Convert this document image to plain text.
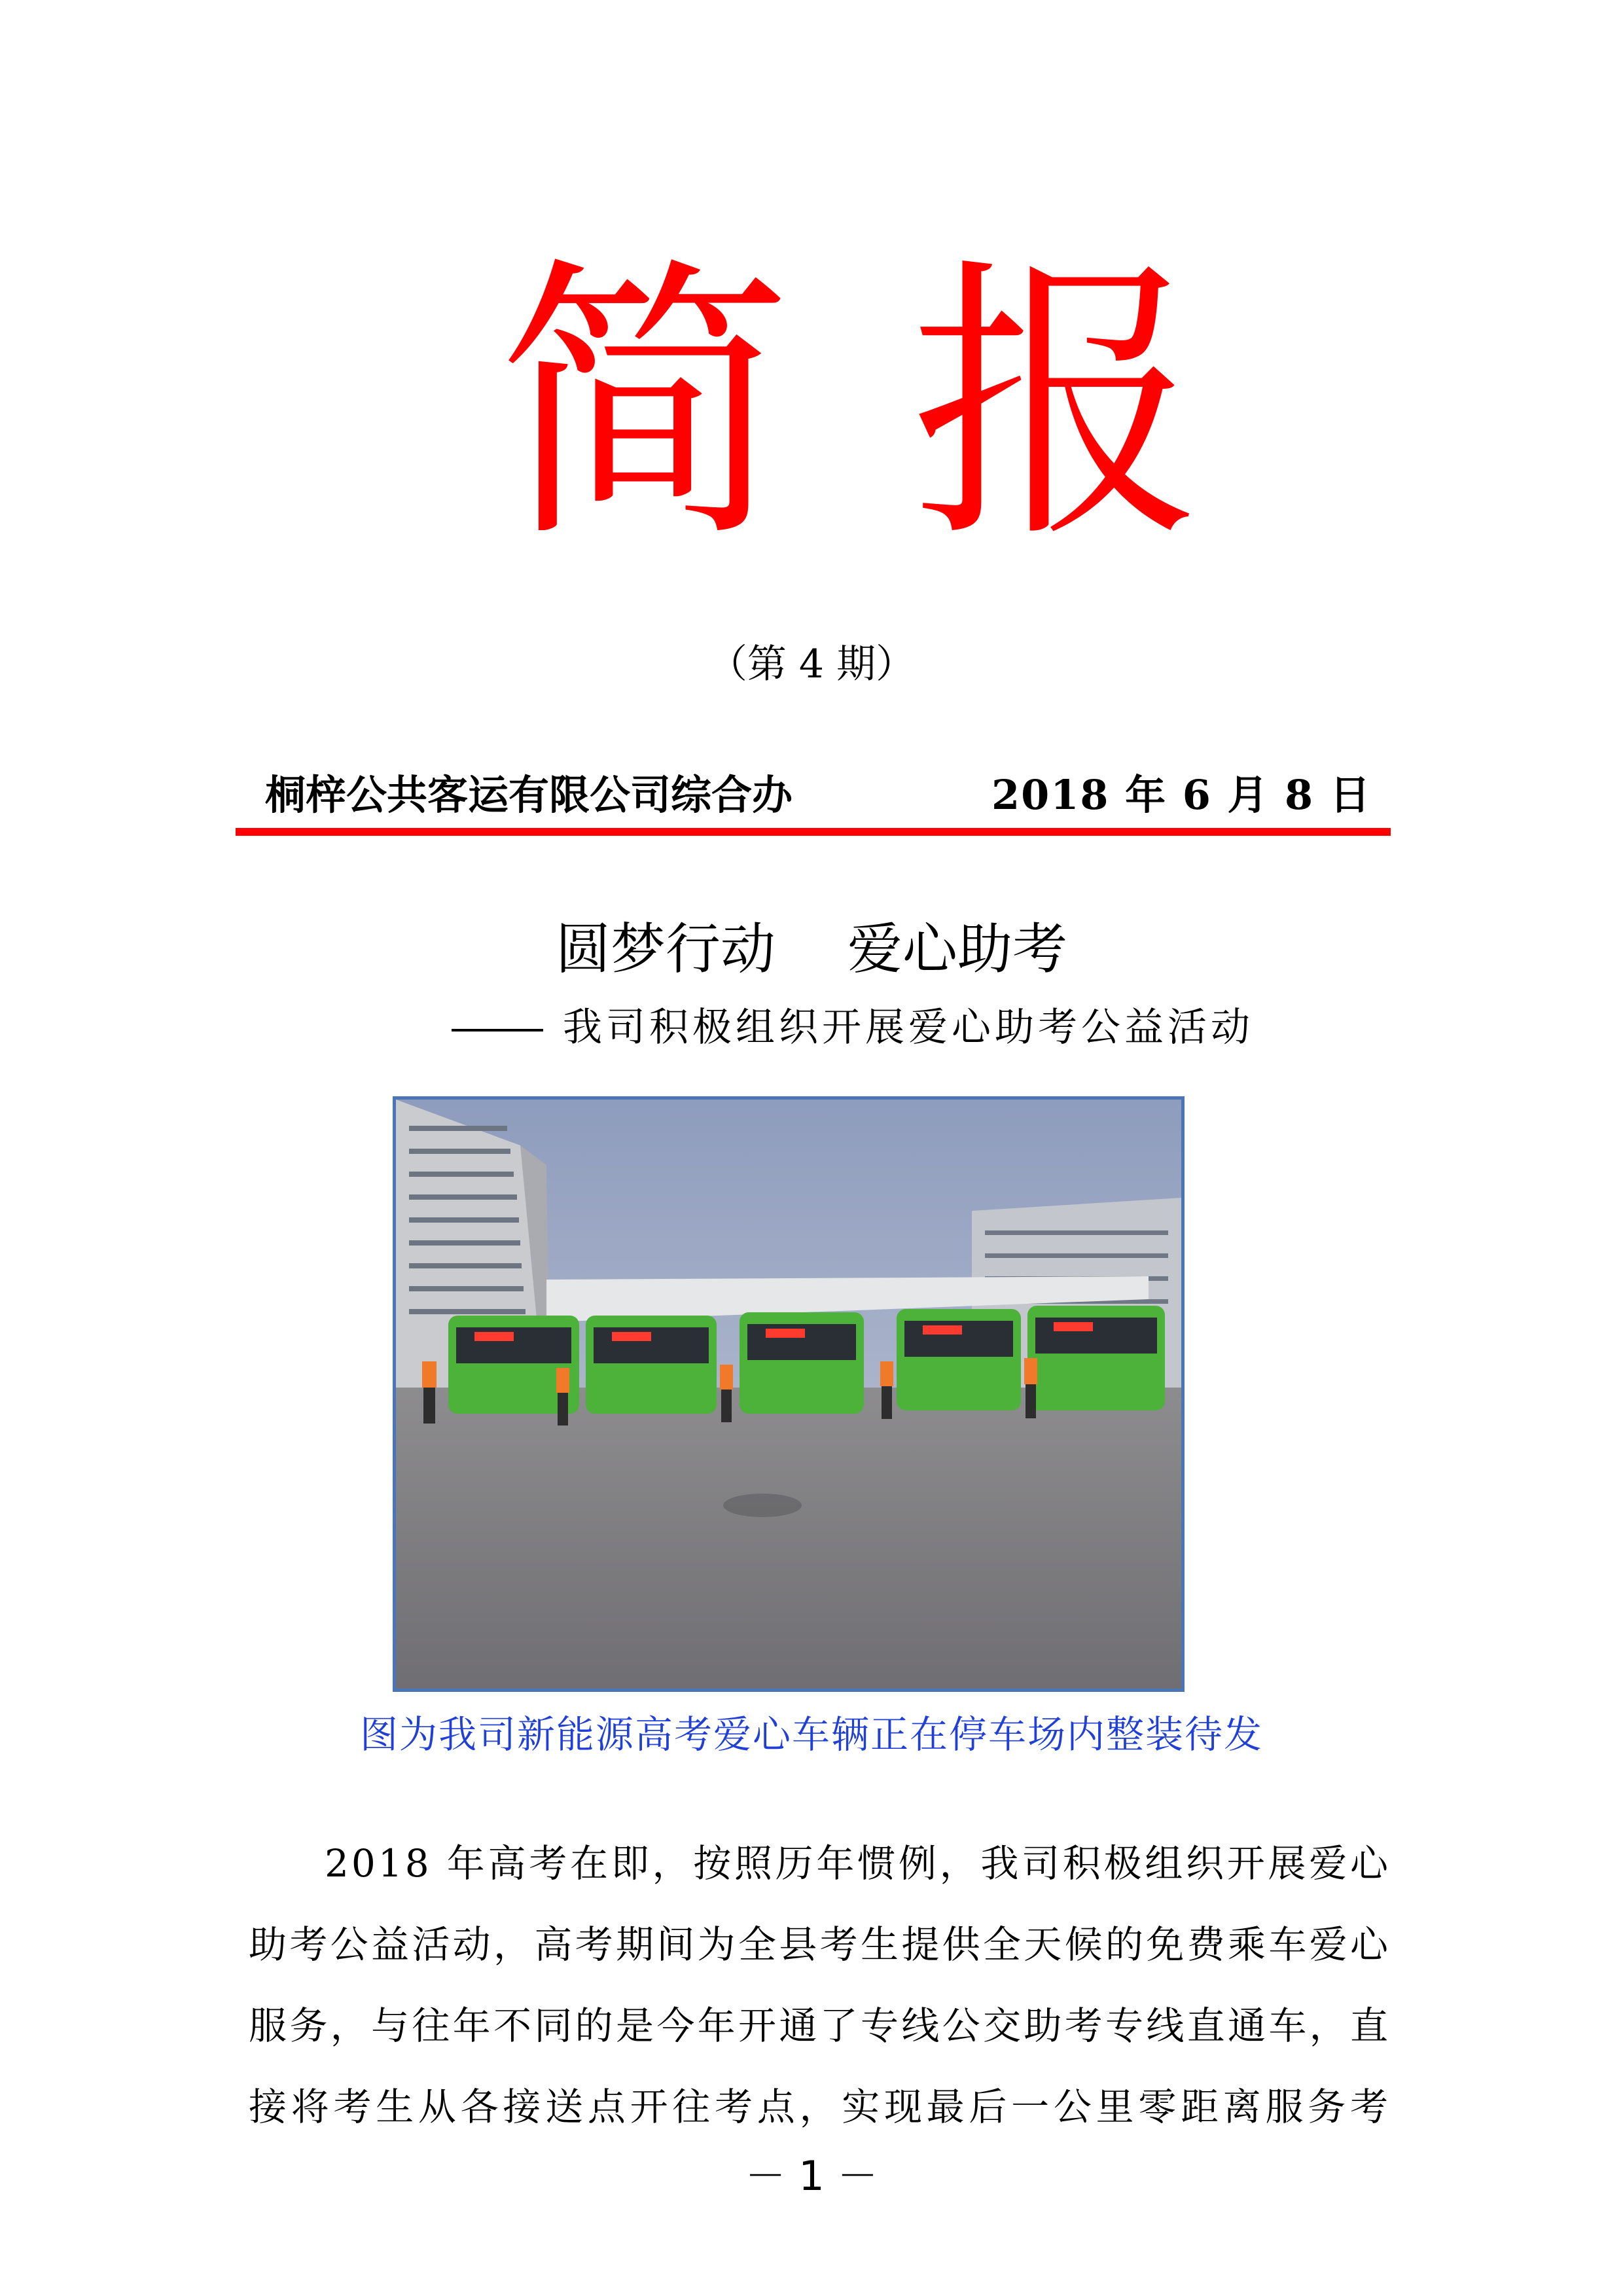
简 报
（第 4 期）
桐梓公共客运有限公司综合办	2018 年 6 月 8 日
圆梦行动 爱心助考
我司积极组织开展爱心助考公益活动
图为我司新能源高考爱心车辆正在停车场内整装待发
2018 年高考在即，按照历年惯例，我司积极组织开展爱心
助考公益活动，高考期间为全县考生提供全天候的免费乘车爱心
服务，与往年不同的是今年开通了专线公交助考专线直通车，直
接将考生从各接送点开往考点，实现最后一公里零距离服务考
－ 1 －
